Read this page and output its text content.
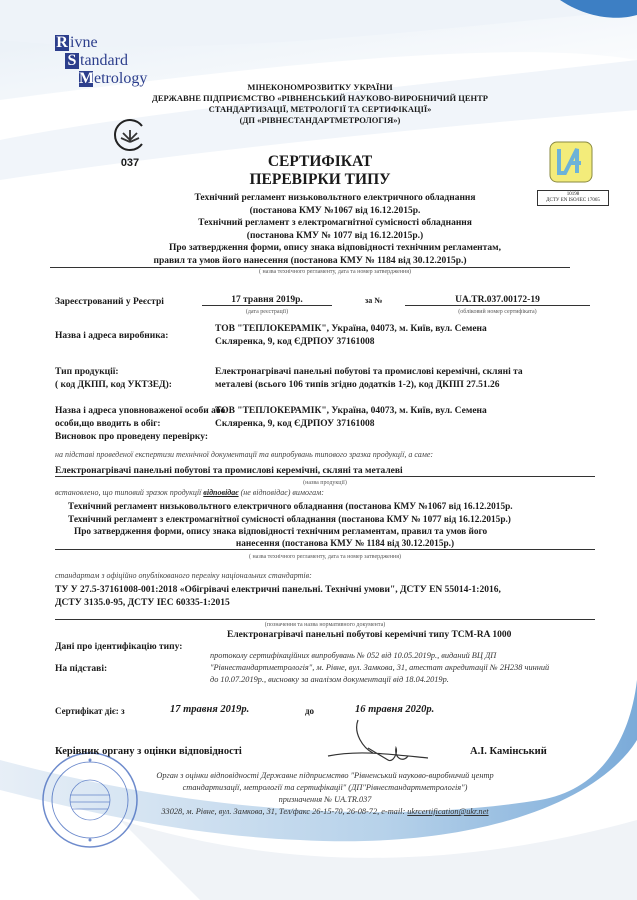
R ivne
S tandard
Metrology	МІНЕКОНОМРОЗВИТКУ УКРАЇНИ
ДЕРЖАВНЕ ПІДПРИЄМСТВО «РІВНЕНСЬКИЙ НАУКОВО-ВИРОБНИЧИЙ ЦЕНТР
СТАНДАРТИЗАЦІЇ, МЕТРОЛОГІЇ ТА СЕРТИФІКАЦІЇ»
(ДП «РІВНЕСТАНДАРТМЕТРОЛОГІЯ»)
037	СЕРТИФІКАТ
ПЕРЕВІРКИ ТИПУ
10198
ДСТУ EN ISO/IEC 17065
Технічний регламент низьковольтного електричного обладнання
(постанова КМУ №1067 від 16.12.2015р.
Технічний регламент з електромагнітної сумісності обладнання
(постанова КМУ № 1077 від 16.12.2015р.)
Про затвердження форми, опису знака відповідності технічним регламентам,
правил та умов його нанесення (постанова КМУ № 1184 від 30.12.2015р.)
( назва технічного регламенту, дата та номер затвердження)
Зареєстрований у Реєстрі	17 травня 2019р.
(дата реєстрації)
за №	UA.TR.037.00172-19
(обліковий номер сертифіката)
Назва і адреса виробника:
ТОВ "ТЕПЛОКЕРАМІК", Україна, 04073, м. Київ, вул. Семена
Скляренка, 9, код ЄДРПОУ 37161008
Тип продукції:
( код ДКПП, код УКТЗЕД):
Електронагрівачі панельні побутові та промислові керемічні, скляні та
металеві (всього 106 типів згідно додатків 1-2), код ДКПП 27.51.26
Назва і адреса уповноваженої особи або
особи,що вводить в обіг:
Висновок про проведену перевірку:
ТОВ "ТЕПЛОКЕРАМІК", Україна, 04073, м. Київ, вул. Семена
Скляренка, 9, код ЄДРПОУ 37161008
на підставі проведеної експертизи технічної документації та випробувань типового зразка продукції, а саме:
Електронагрівачі панельні побутові та промислові керемічні, скляні та металеві
(назва продукції)
встановлено, що типовий зразок продукції відповідає (не відповідає) вимогам:
Технічний регламент низьковольтного електричного обладнання (постанова КМУ №1067 від 16.12.2015р.
Технічний регламент з електромагнітної сумісності обладнання (постанова КМУ № 1077 від 16.12.2015р.)
Про затвердження форми, опису знака відповідності технічним регламентам, правил та умов його
нанесення (постанова КМУ № 1184 від 30.12.2015р.)
( назва технічного регламенту, дата та номер затвердження)
стандартам з офіційно опублікованого переліку національних стандартів:
ТУ У 27.5-37161008-001:2018 «Обігрівачі електричні панельні. Технічні умови", ДСТУ EN 55014-1:2016,
ДСТУ 3135.0-95, ДСТУ IEC 60335-1:2015
(позначення та назва нормативного документа)
Дані про ідентифікацію типу:
Електронагрівачі панельні побутові керемічні типу ТСМ-RA 1000
На підставі:
протоколу сертифікаційних випробувань № 052 від 10.05.2019р., виданий ВЦ ДП
"Рівнестандартметрологія", м. Рівне, вул. Замкова, 31, атестат акредитації № 2Н238 чинний
до 10.07.2019р., висновку за аналізом документації від 18.04.2019р.
Сертифікат діє: з	17 травня 2019р.	до	16 травня 2020р.
Керівник органу з оцінки відповідності	А.І. Камінський
Орган з оцінки відповідності Державне підприємство "Рівненський науково-виробничий центр
стандартизації, метрології та сертифікації" (ДП"Рівнестандартметрологія")
призначення № UA.TR.037
33028, м. Рівне, вул. Замкова, 31, Тел/факс 26-15-70, 26-08-72, e-mail: ukrcertification@ukr.net
